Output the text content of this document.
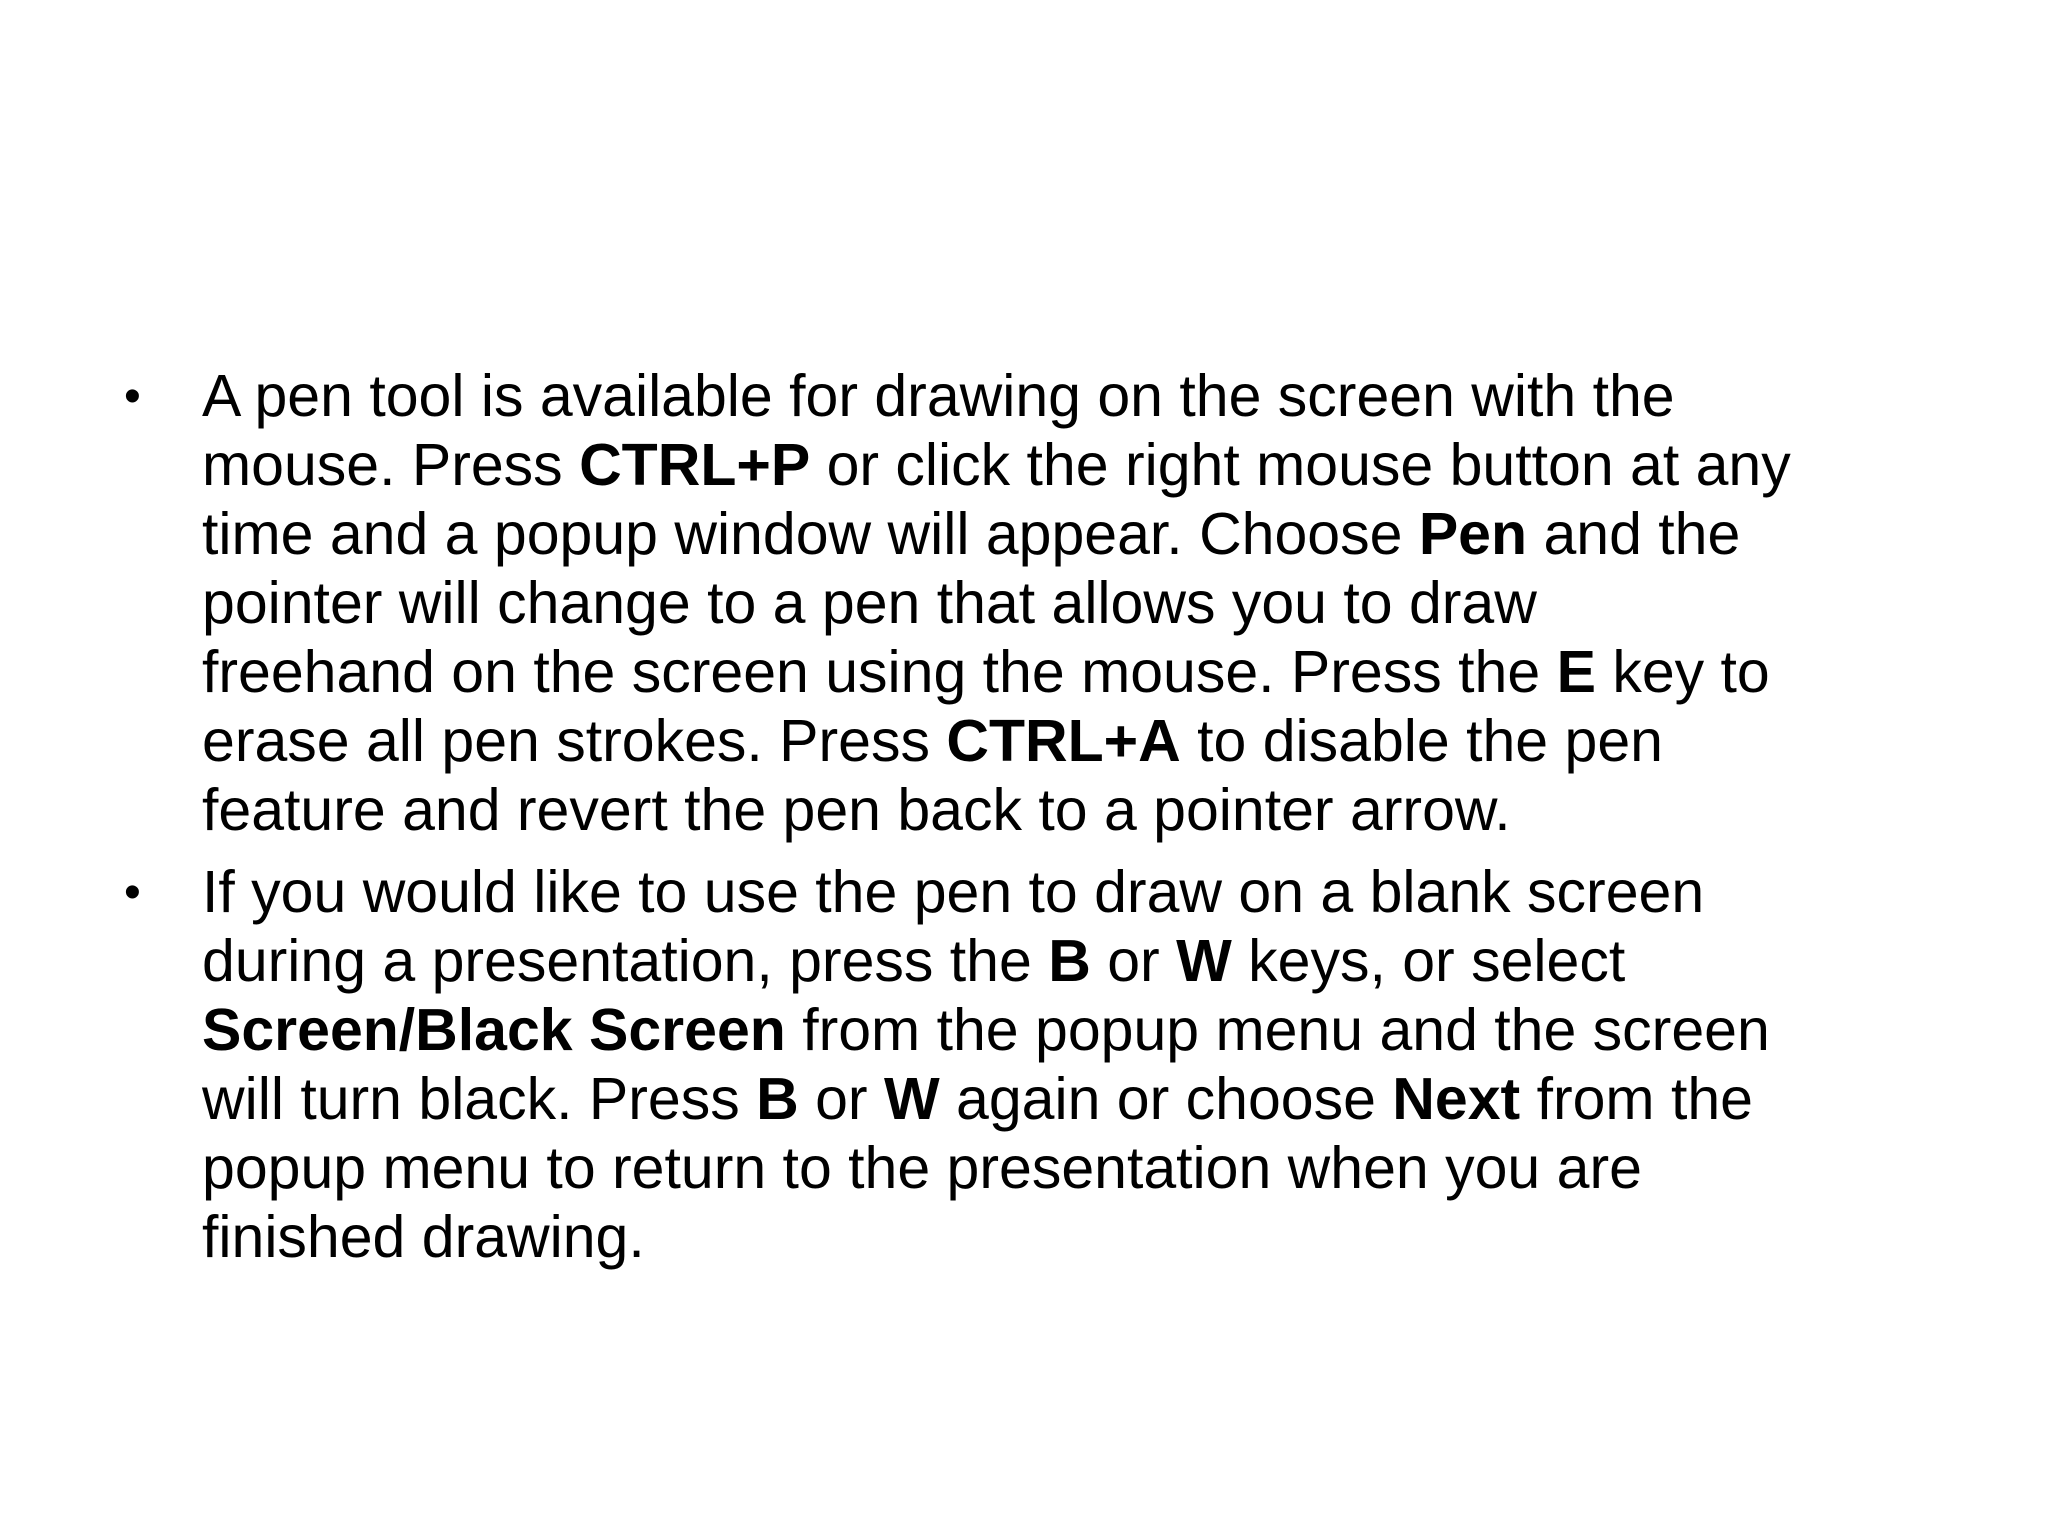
• A pen tool is available for drawing on the screen with the
mouse. Press CTRL+P or click the right mouse button at any
time and a popup window will appear. Choose Pen and the
pointer will change to a pen that allows you to draw
freehand on the screen using the mouse. Press the E key to
erase all pen strokes. Press CTRL+A to disable the pen
feature and revert the pen back to a pointer arrow.
• If you would like to use the pen to draw on a blank screen
during a presentation, press the B or W keys, or select
Screen/Black Screen from the popup menu and the screen
will turn black. Press B or W again or choose Next from the
popup menu to return to the presentation when you are
finished drawing.
